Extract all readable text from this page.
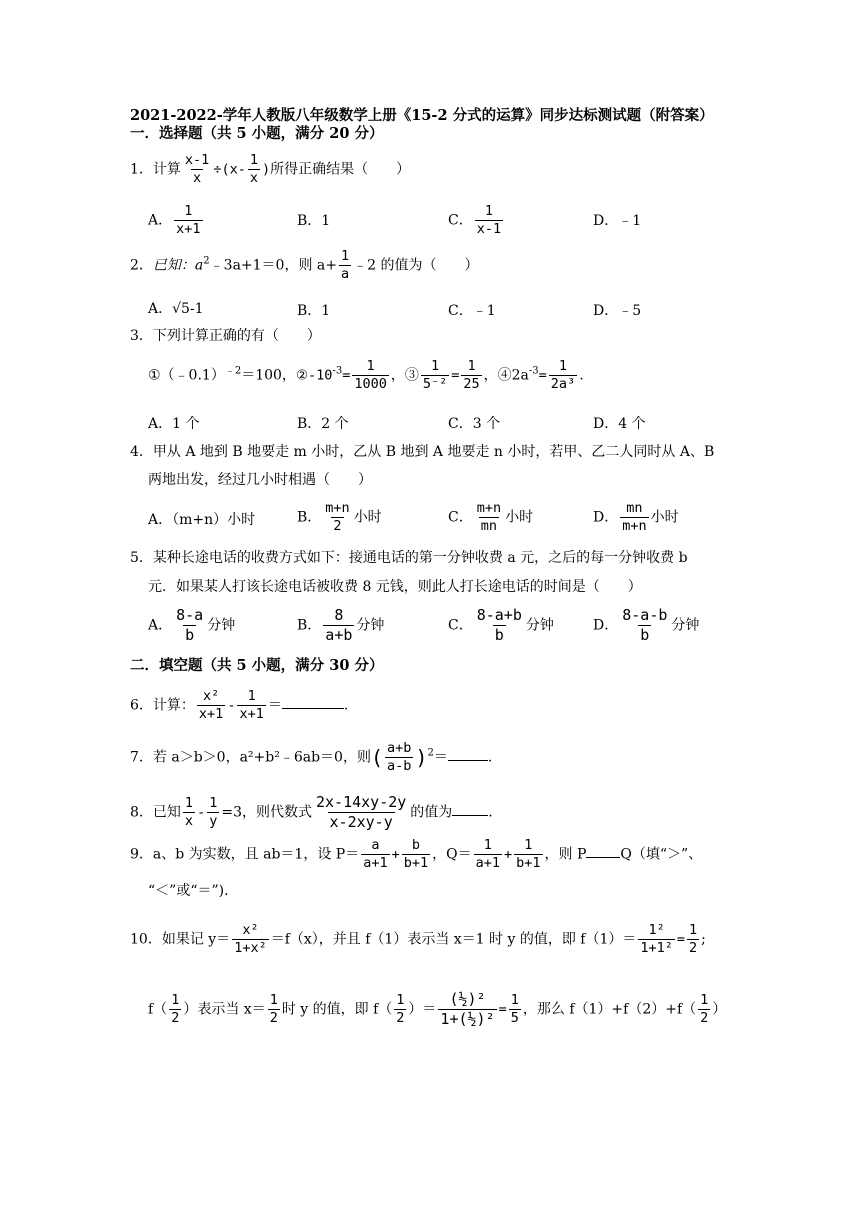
2021-2022-学年人教版八年级数学上册《15-2 分式的运算》同步达标测试题（附答案）
一．选择题（共 5 小题，满分 20 分）
1．计算 $\frac{x-1}{x} \div(x- \frac{1}{x}$ )所得正确结果（　　）
A． $\frac{1}{x+1}$	B．1	C． $\frac{1}{x-1}$	D．﹣1
2．已知：$a^2﹣3a+1=0$，则 $a+ \frac{1}{a}$ ﹣2 的值为（　　）
A．√5-1	B．1	C．﹣1	D．﹣5
3．下列计算正确的有（　　）
①（﹣0.1）$^{﹣2}$＝100，$②-10^{-3}= \frac{1}{1000}$ ，③ $\frac{1}{\text{5⁻²}} = \frac{1}{25}$ ，$④2a^{-3}= \frac{1}{\text{2a³}}$ .
A．1 个	B．2 个	C．3 个	D．4 个
4．甲从 A 地到 B 地要走 m 小时，乙从 B 地到 A 地要走 n 小时，若甲、乙二人同时从 A、B
两地出发，经过几小时相遇（　　）
A．（m+n）小时	B． $\frac{m+n}{2}$ 小时	C． $\frac{m+n}{mn}$ 小时	D． $\frac{mn}{m+n}$ 小时
5．某种长途电话的收费方式如下：接通电话的第一分钟收费 a 元，之后的每一分钟收费 b
元．如果某人打该长途电话被收费 8 元钱，则此人打长途电话的时间是（　　）
A． $\frac{8-a}{b}$ 分钟	B． $\frac{8}{a+b}$ 分钟	C． $\frac{8-a+b}{b}$ 分钟	D． $\frac{8-a-b}{b}$ 分钟
二．填空题（共 5 小题，满分 30 分）
6．计算： $\frac{\text{x²}}{x+1} - \frac{1}{x+1}$ ＝	.
7．若 a＞b＞0，a²+b²﹣6ab＝0，则( $\frac{a+b}{a-b} )^2=$	.
8．已知 $\frac{1}{x} - \frac{1}{y} =3$，则代数式 $\frac{2x-14xy-2y}{x-2xy-y}$ 的值为	.
9．a、b 为实数，且 ab＝1，设 $P= \frac{a}{a+1} + \frac{b}{b+1}$ ，$Q= \frac{1}{a+1} + \frac{1}{b+1}$ ，则 P Q（填“＞”、
“＜”或“＝”)．
10．如果记 $y= \frac{\text{x²}}{\text{1+x²}} =f(x)$，并且 f（1）表示当 x＝1 时 y 的值，即 $f(1)= \frac{\text{1²}}{\text{1+1²}} = \frac{1}{2}$ ;
$f( \frac{1}{2}$ ）表示当 $x= \frac{1}{2}$ 时 y 的值，即 $f( \frac{1}{2}$ ）＝ $\frac{\text{(½)²}}{\text{1+(½)²}} = \frac{1}{5}$ ，那么 $f(1)+f(2)+f( \frac{1}{2}$ ）
